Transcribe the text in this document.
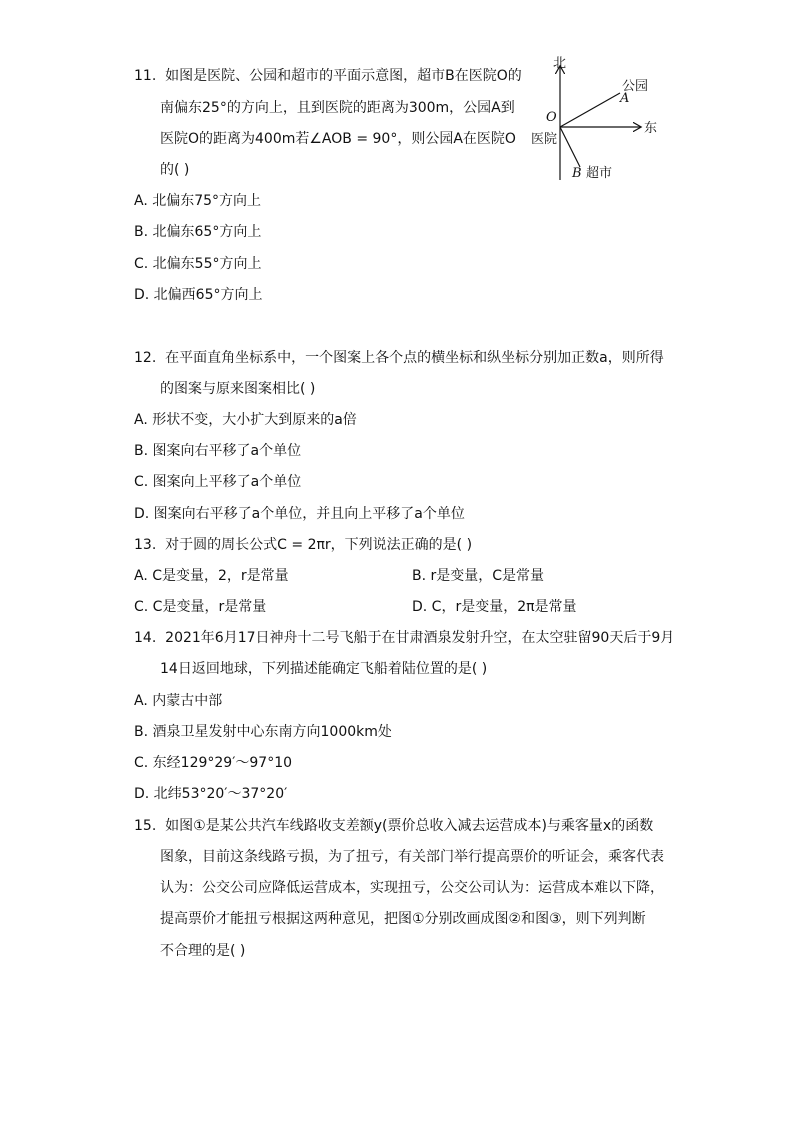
11. 如图是医院、公园和超市的平面示意图，超市B在医院O的
南偏东25°的方向上，且到医院的距离为300m，公园A到
医院O的距离为400m若∠AOB = 90°，则公园A在医院O
的( )
北
东
公园
A
O
医院
B 超市
A. 北偏东75°方向上
B. 北偏东65°方向上
C. 北偏东55°方向上
D. 北偏西65°方向上
12. 在平面直角坐标系中，一个图案上各个点的横坐标和纵坐标分别加正数a，则所得
的图案与原来图案相比( )
A. 形状不变，大小扩大到原来的a倍
B. 图案向右平移了a个单位
C. 图案向上平移了a个单位
D. 图案向右平移了a个单位，并且向上平移了a个单位
13. 对于圆的周长公式C = 2πr，下列说法正确的是( )
A. C是变量，2，r是常量	B. r是变量，C是常量
C. C是变量，r是常量	D. C，r是变量，2π是常量
14. 2021年6月17日神舟十二号飞船于在甘肃酒泉发射升空，在太空驻留90天后于9月
14日返回地球，下列描述能确定飞船着陆位置的是( )
A. 内蒙古中部
B. 酒泉卫星发射中心东南方向1000km处
C. 东经129°29′～97°10
D. 北纬53°20′～37°20′
15. 如图①是某公共汽车线路收支差额y(票价总收入减去运营成本)与乘客量x的函数
图象，目前这条线路亏损，为了扭亏，有关部门举行提高票价的听证会，乘客代表
认为：公交公司应降低运营成本，实现扭亏，公交公司认为：运营成本难以下降，
提高票价才能扭亏根据这两种意见，把图①分别改画成图②和图③，则下列判断
不合理的是( )
